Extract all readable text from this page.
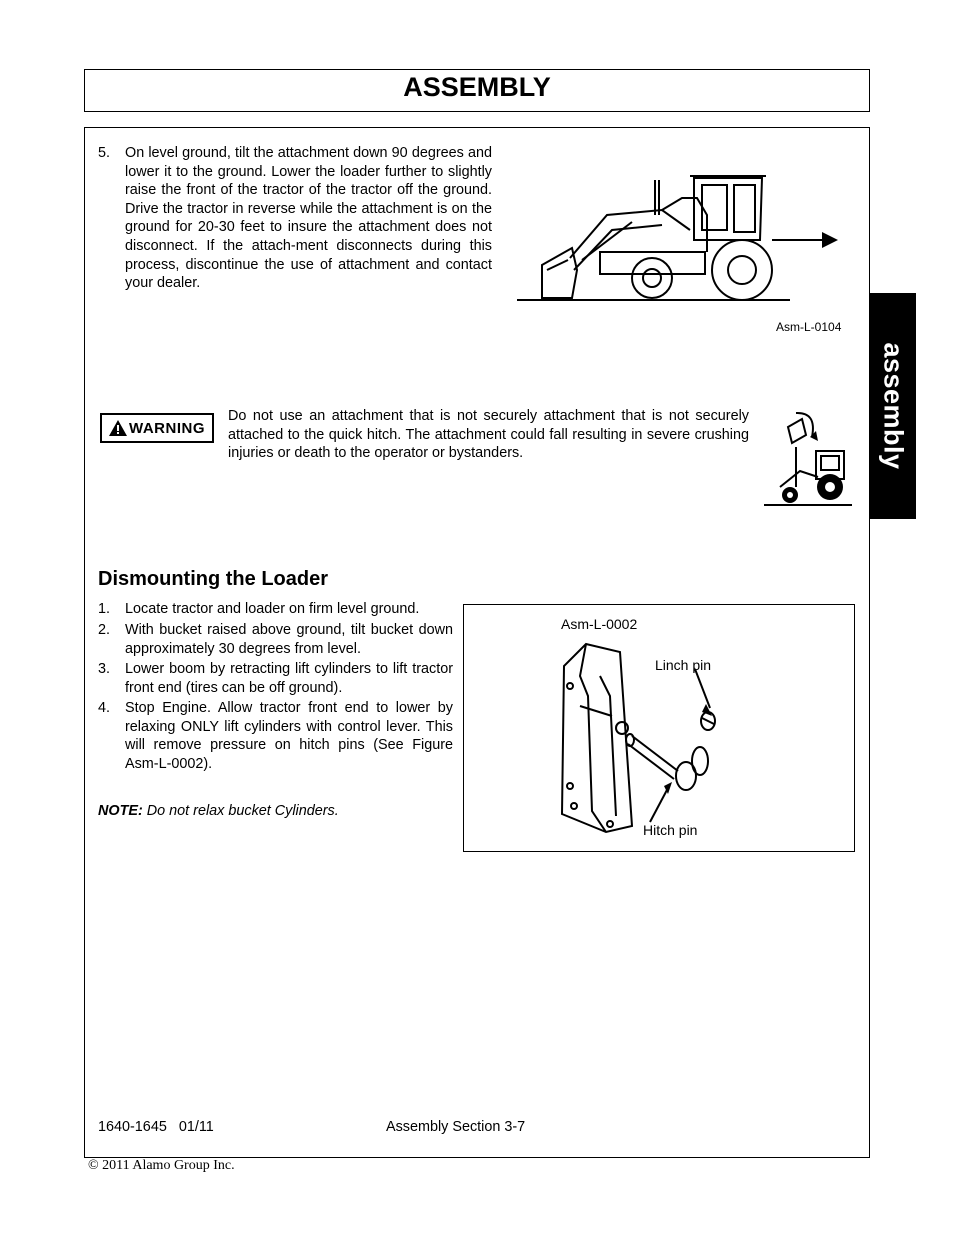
ASSEMBLY
assembly
5. On level ground, tilt the attachment down 90 degrees and lower it to the ground. Lower the loader further to slightly raise the front of the tractor of the tractor off the ground. Drive the tractor in reverse while the attachment is on the ground for 20-30 feet to insure the attachment does not disconnect. If the attach-ment disconnects during this process, discontinue the use of attachment and contact your dealer.
Asm-L-0104
WARNING
Do not use an attachment that is not securely attachment that is not securely attached to the quick hitch. The attachment could fall resulting in severe crushing injuries or death to the operator or bystanders.
Dismounting the Loader
1. Locate tractor and loader on firm level ground.
2. With bucket raised above ground, tilt bucket down approximately 30 degrees from level.
3. Lower boom by retracting lift cylinders to lift tractor front end (tires can be off ground).
4. Stop Engine. Allow tractor front end to lower by relaxing ONLY lift cylinders with control lever. This will remove pressure on hitch pins (See Figure Asm-L-0002).
NOTE: Do not relax bucket Cylinders.
Asm-L-0002
Linch pin
Hitch pin
1640-1645 01/11	Assembly Section 3-7
© 2011 Alamo Group Inc.
